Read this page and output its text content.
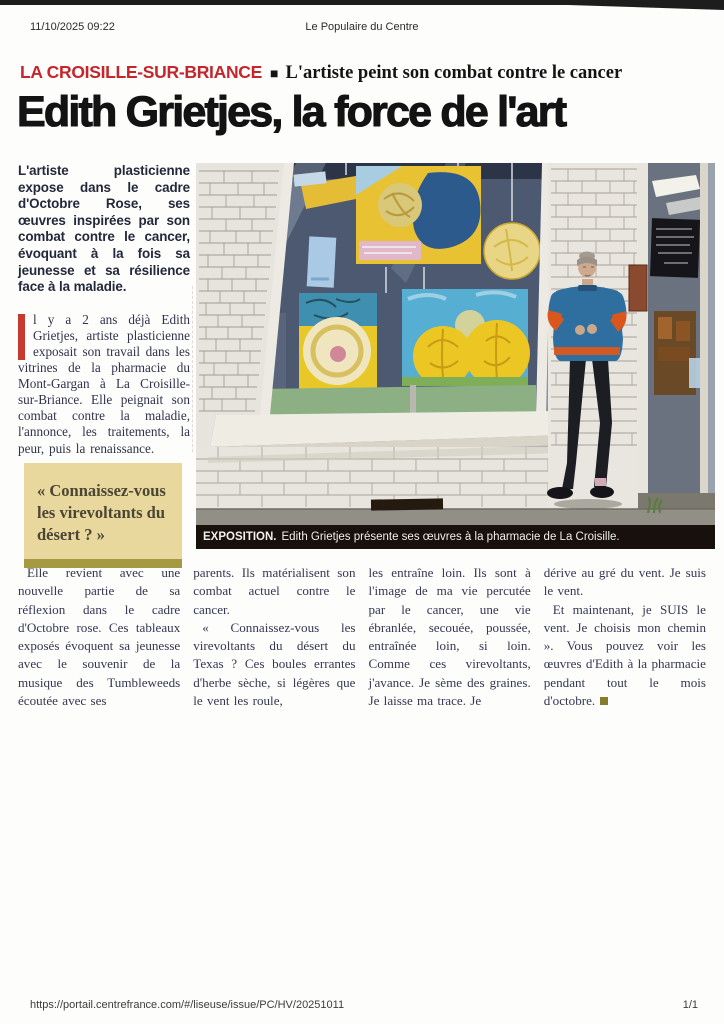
11/10/2025 09:22	Le Populaire du Centre
LA CROISILLE-SUR-BRIANCE ■ L'artiste peint son combat contre le cancer
Edith Grietjes, la force de l'art

L'artiste plasticienne expose dans le cadre d'Octobre Rose, ses œuvres inspirées par son combat contre le cancer, évoquant à la fois sa jeunesse et sa résilience face à la maladie.

l y a 2 ans déjà Edith Grietjes, artiste plasticienne exposait son travail dans les vitrines de la pharmacie du Mont-Gargan à La Croisille-sur-Briance. Elle peignait son combat contre la maladie, l'annonce, les traitements, la peur, puis la renaissance.

« Connaissez-vous les virevoltants du désert ? »	EXPOSITION. Edith Grietjes présente ses œuvres à la pharmacie de La Croisille.

Elle revient avec une nouvelle partie de sa réflexion dans le cadre d'Octobre rose. Ces tableaux exposés évoquent sa jeunesse avec le souvenir de la musique des Tumbleweeds écoutée avec ses

parents. Ils matérialisent son combat actuel contre le cancer.

« Connaissez-vous les virevoltants du désert du Texas ? Ces boules errantes d'herbe sèche, si légères que le vent les roule,

les entraîne loin. Ils sont à l'image de ma vie percutée par le cancer, une vie ébranlée, secouée, poussée, entraînée loin, si loin. Comme ces virevoltants, j'avance. Je sème des graines. Je laisse ma trace. Je

dérive au gré du vent. Je suis le vent.

Et maintenant, je SUIS le vent. Je choisis mon chemin ». Vous pouvez voir les œuvres d'Edith à la pharmacie pendant tout le mois d'octobre.

https://portail.centrefrance.com/#/liseuse/issue/PC/HV/20251011	1/1
